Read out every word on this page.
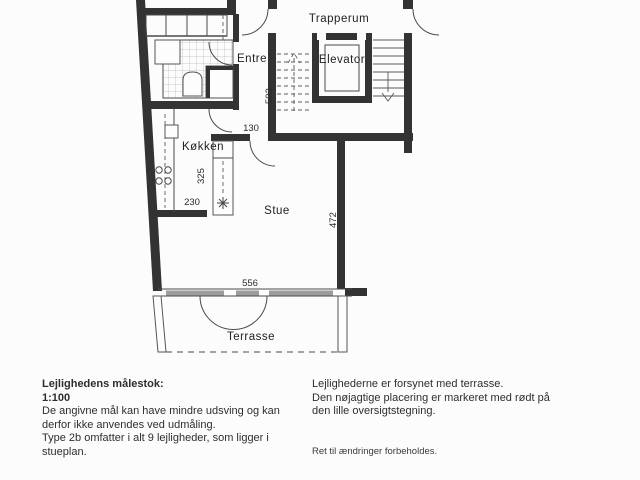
Trapperum
Entre	Elevator
Køkken
Stue
Terrasse
503
130
325
230
472
556
Lejlighedens målestok:
1:100
De angivne mål kan have mindre udsving og kan
derfor ikke anvendes ved udmåling.
Type 2b omfatter i alt 9 lejligheder, som ligger i
stueplan.
Lejlighederne er forsynet med terrasse.
Den nøjagtige placering er markeret med rødt på
den lille oversigtstegning.
Ret til ændringer forbeholdes.
